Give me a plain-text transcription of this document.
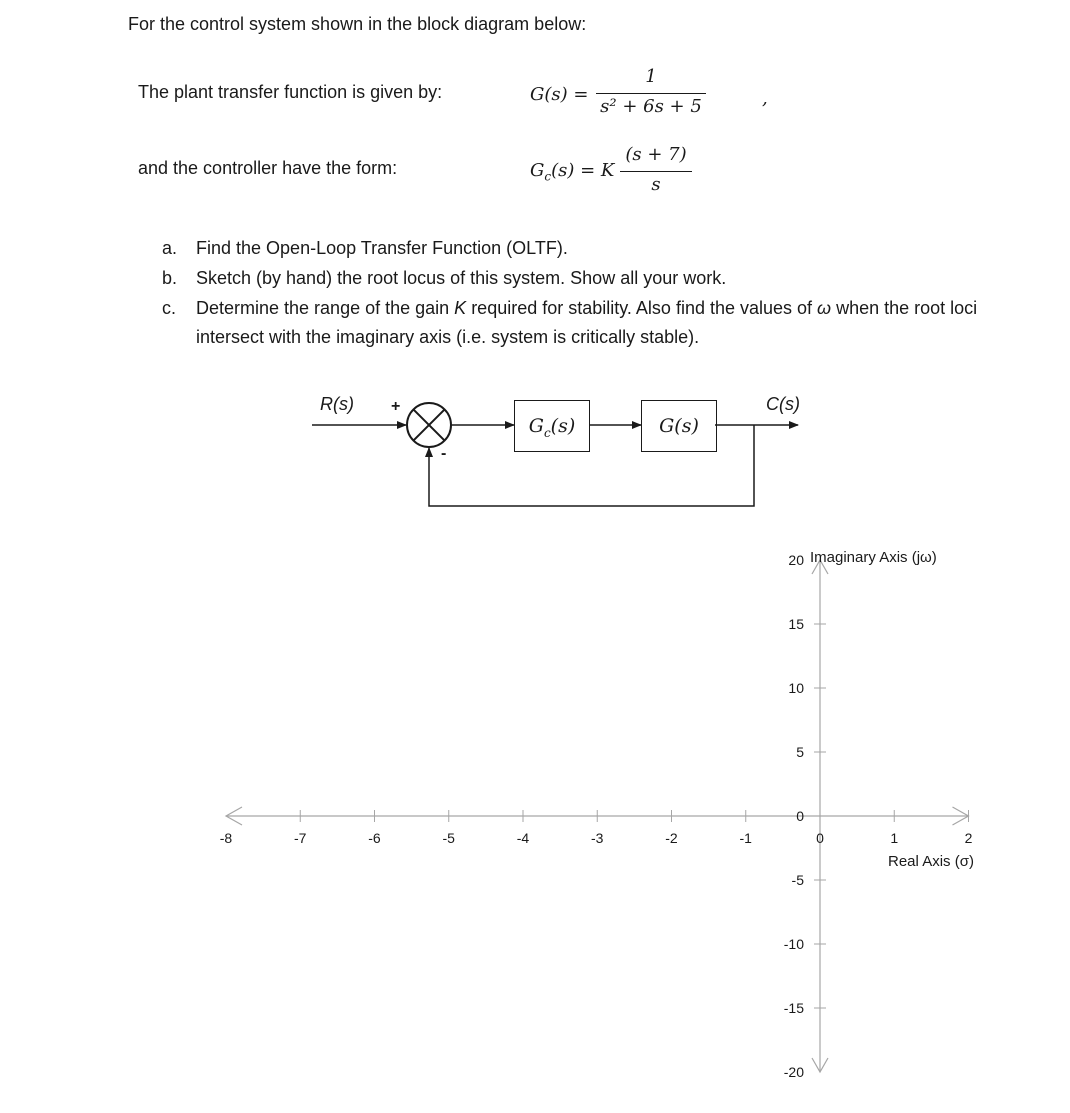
For the control system shown in the block diagram below:
The plant transfer function is given by:	G(s) =
1
s² + 6s + 5	,
and the controller have the form:	$G_c(s) = K$
(s + 7)
s
a. Find the Open-Loop Transfer Function (OLTF).
b. Sketch (by hand) the root locus of this system. Show all your work.
c. Determine the range of the gain K required for stability. Also find the values of ω when the root loci intersect with the imaginary axis (i.e. system is critically stable).
R(s)	C(s)
+
-
$G_c(s)$	G(s)
-8	-7	-6	-5	-4	-3	-2	-1	0	1	2
20
15
10
5
0
-5
-10
-15
-20
Real Axis (σ)
Imaginary Axis (jω)
